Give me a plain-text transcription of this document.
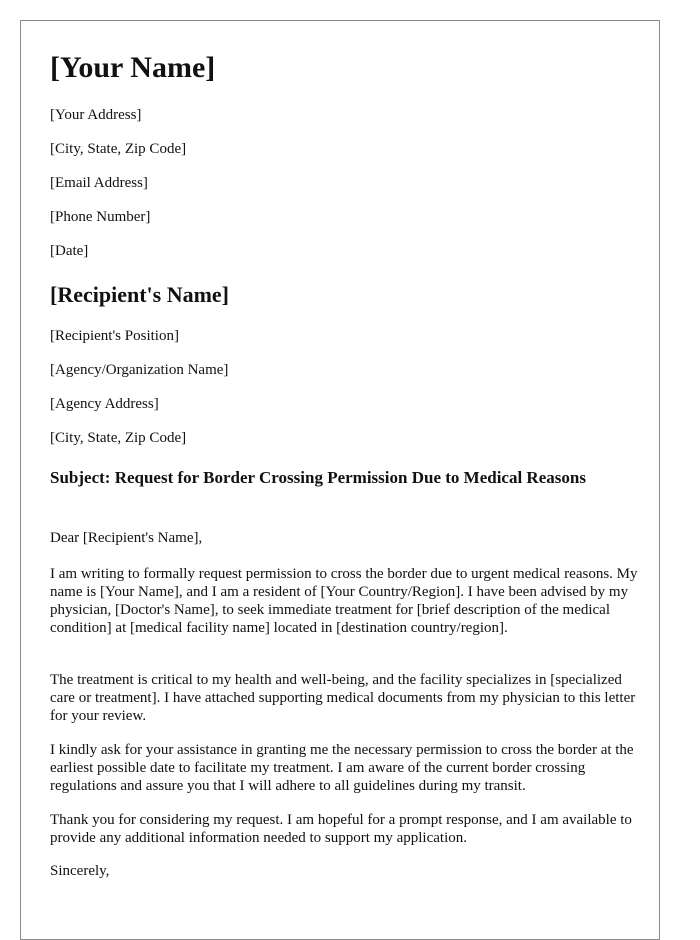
[Your Name]
[Your Address]
[City, State, Zip Code]
[Email Address]
[Phone Number]
[Date]
[Recipient's Name]
[Recipient's Position]
[Agency/Organization Name]
[Agency Address]
[City, State, Zip Code]
Subject: Request for Border Crossing Permission Due to Medical Reasons
Dear [Recipient's Name],
I am writing to formally request permission to cross the border due to urgent medical reasons. My name is [Your Name], and I am a resident of [Your Country/Region]. I have been advised by my physician, [Doctor's Name], to seek immediate treatment for [brief description of the medical condition] at [medical facility name] located in [destination country/region].
The treatment is critical to my health and well-being, and the facility specializes in [specialized care or treatment]. I have attached supporting medical documents from my physician to this letter for your review.
I kindly ask for your assistance in granting me the necessary permission to cross the border at the earliest possible date to facilitate my treatment. I am aware of the current border crossing regulations and assure you that I will adhere to all guidelines during my transit.
Thank you for considering my request. I am hopeful for a prompt response, and I am available to provide any additional information needed to support my application.
Sincerely,
